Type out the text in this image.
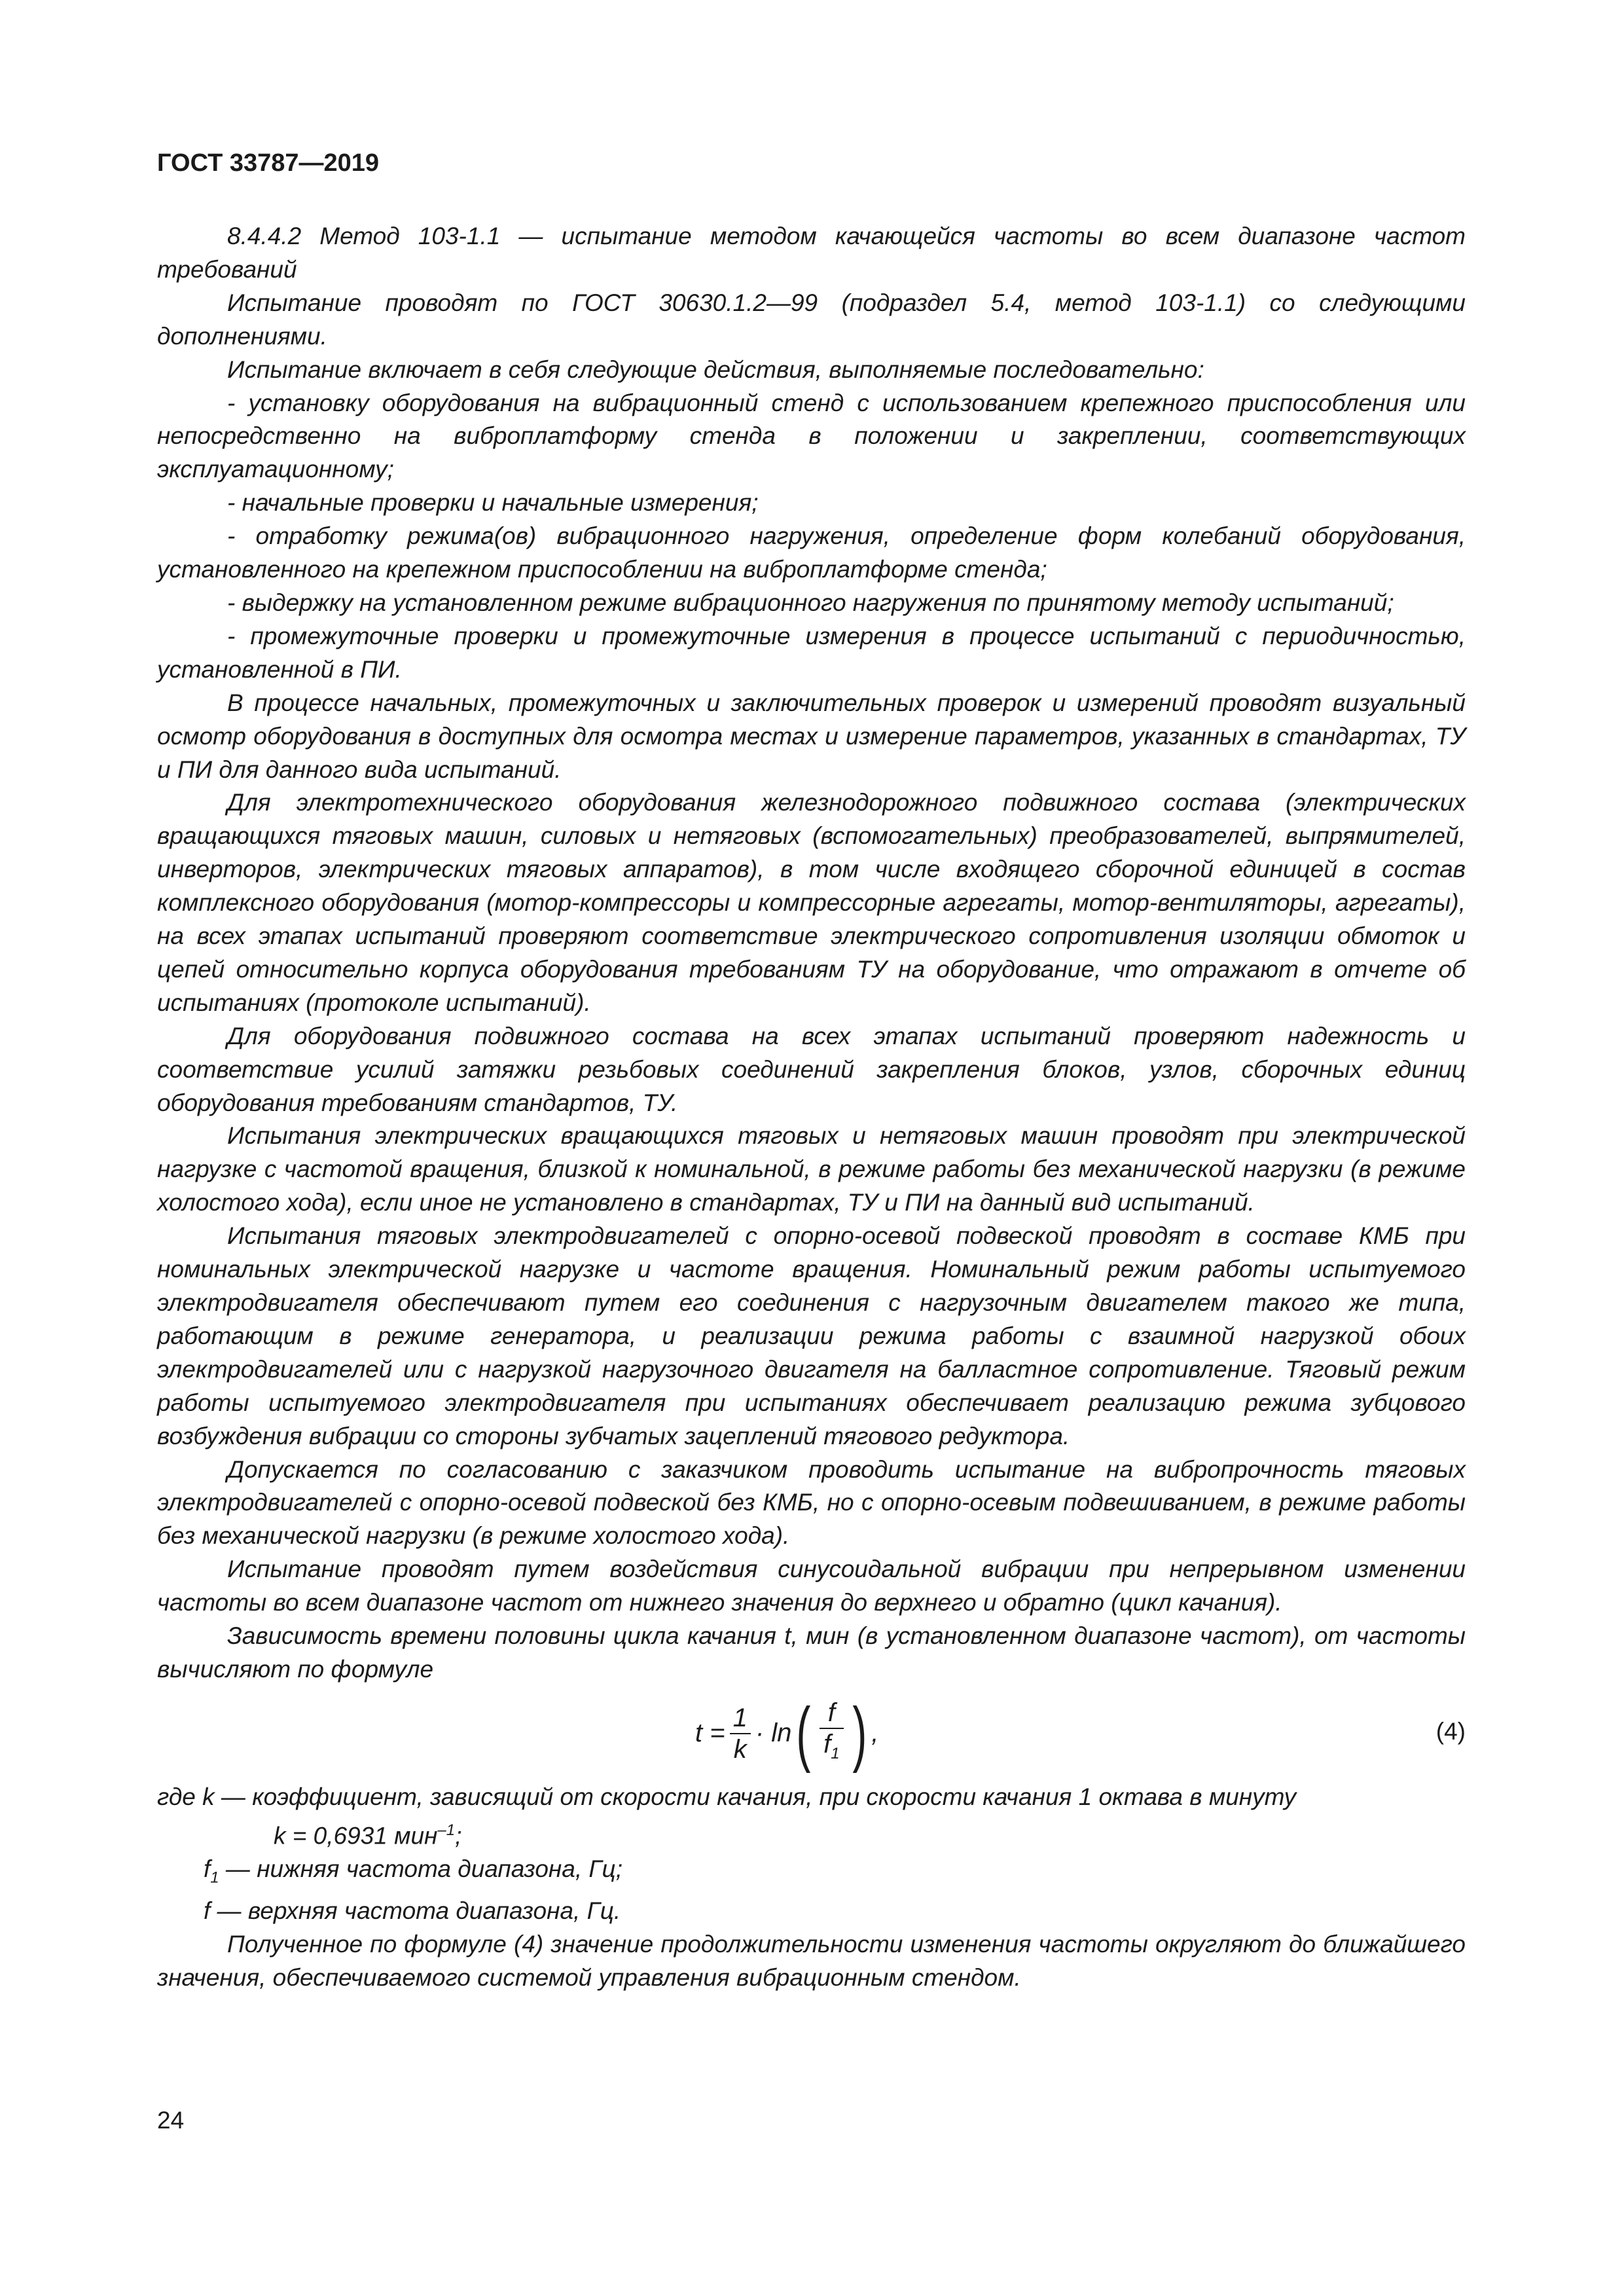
ГОСТ 33787—2019

8.4.4.2 Метод 103-1.1 — испытание методом качающейся частоты во всем диапазоне частот требований

Испытание проводят по ГОСТ 30630.1.2—99 (подраздел 5.4, метод 103-1.1) со следующими дополнениями.

Испытание включает в себя следующие действия, выполняемые последовательно:

- установку оборудования на вибрационный стенд с использованием крепежного приспособления или непосредственно на виброплатформу стенда в положении и закреплении, соответствующих эксплуатационному;

- начальные проверки и начальные измерения;

- отработку режима(ов) вибрационного нагружения, определение форм колебаний оборудования, установленного на крепежном приспособлении на виброплатформе стенда;

- выдержку на установленном режиме вибрационного нагружения по принятому методу испытаний;

- промежуточные проверки и промежуточные измерения в процессе испытаний с периодичностью, установленной в ПИ.

В процессе начальных, промежуточных и заключительных проверок и измерений проводят визуальный осмотр оборудования в доступных для осмотра местах и измерение параметров, указанных в стандартах, ТУ и ПИ для данного вида испытаний.

Для электротехнического оборудования железнодорожного подвижного состава (электрических вращающихся тяговых машин, силовых и нетяговых (вспомогательных) преобразователей, выпрямителей, инверторов, электрических тяговых аппаратов), в том числе входящего сборочной единицей в состав комплексного оборудования (мотор-компрессоры и компрессорные агрегаты, мотор-вентиляторы, агрегаты), на всех этапах испытаний проверяют соответствие электрического сопротивления изоляции обмоток и цепей относительно корпуса оборудования требованиям ТУ на оборудование, что отражают в отчете об испытаниях (протоколе испытаний).

Для оборудования подвижного состава на всех этапах испытаний проверяют надежность и соответствие усилий затяжки резьбовых соединений закрепления блоков, узлов, сборочных единиц оборудования требованиям стандартов, ТУ.

Испытания электрических вращающихся тяговых и нетяговых машин проводят при электрической нагрузке с частотой вращения, близкой к номинальной, в режиме работы без механической нагрузки (в режиме холостого хода), если иное не установлено в стандартах, ТУ и ПИ на данный вид испытаний.

Испытания тяговых электродвигателей с опорно-осевой подвеской проводят в составе КМБ при номинальных электрической нагрузке и частоте вращения. Номинальный режим работы испытуемого электродвигателя обеспечивают путем его соединения с нагрузочным двигателем такого же типа, работающим в режиме генератора, и реализации режима работы с взаимной нагрузкой обоих электродвигателей или с нагрузкой нагрузочного двигателя на балластное сопротивление. Тяговый режим работы испытуемого электродвигателя при испытаниях обеспечивает реализацию режима зубцового возбуждения вибрации со стороны зубчатых зацеплений тягового редуктора.

Допускается по согласованию с заказчиком проводить испытание на вибропрочность тяговых электродвигателей с опорно-осевой подвеской без КМБ, но с опорно-осевым подвешиванием, в режиме работы без механической нагрузки (в режиме холостого хода).

Испытание проводят путем воздействия синусоидальной вибрации при непрерывном изменении частоты во всем диапазоне частот от нижнего значения до верхнего и обратно (цикл качания).

Зависимость времени половины цикла качания t, мин (в установленном диапазоне частот), от частоты вычисляют по формуле

$t = \frac{1}{k} \cdot \ln$ ( $\frac{f}{f_1}$ ) ,	(4)

где k — коэффициент, зависящий от скорости качания, при скорости качания 1 октава в минуту

k = 0,6931 мин$^{-1}$;

$f_1$ — нижняя частота диапазона, Гц;

f — верхняя частота диапазона, Гц.

Полученное по формуле (4) значение продолжительности изменения частоты округляют до ближайшего значения, обеспечиваемого системой управления вибрационным стендом.

24
